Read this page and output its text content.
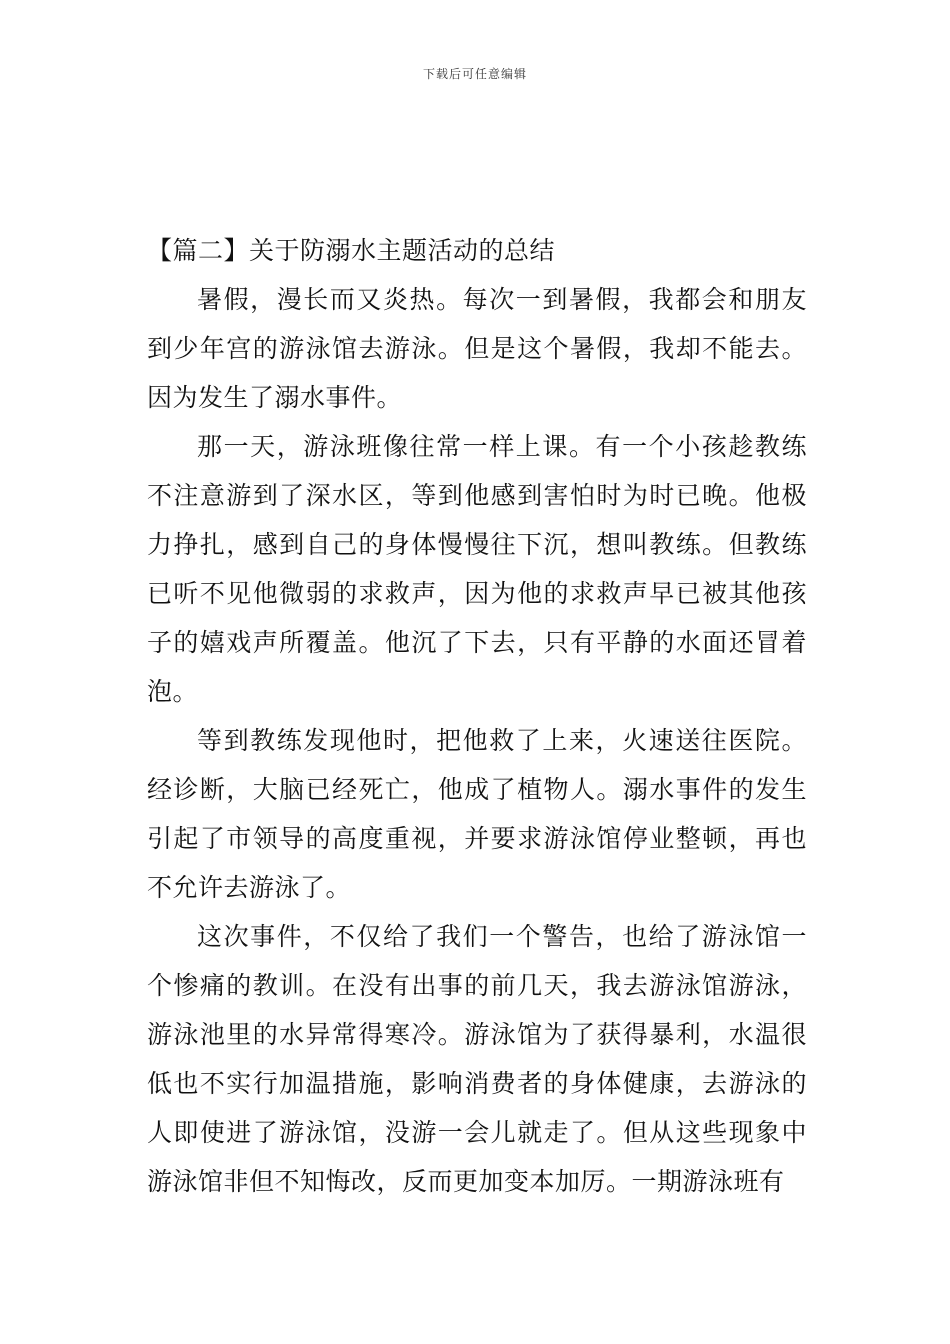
下载后可任意编辑
【篇二】关于防溺水主题活动的总结

暑假，漫长而又炎热。每次一到暑假，我都会和朋友到少年宫的游泳馆去游泳。但是这个暑假，我却不能去。因为发生了溺水事件。

那一天，游泳班像往常一样上课。有一个小孩趁教练不注意游到了深水区，等到他感到害怕时为时已晚。他极力挣扎，感到自己的身体慢慢往下沉，想叫教练。但教练已听不见他微弱的求救声，因为他的求救声早已被其他孩子的嬉戏声所覆盖。他沉了下去，只有平静的水面还冒着泡。

等到教练发现他时，把他救了上来，火速送往医院。经诊断，大脑已经死亡，他成了植物人。溺水事件的发生引起了市领导的高度重视，并要求游泳馆停业整顿，再也不允许去游泳了。

这次事件，不仅给了我们一个警告，也给了游泳馆一个惨痛的教训。在没有出事的前几天，我去游泳馆游泳，游泳池里的水异常得寒冷。游泳馆为了获得暴利，水温很低也不实行加温措施，影响消费者的身体健康，去游泳的人即使进了游泳馆，没游一会儿就走了。但从这些现象中游泳馆非但不知悔改，反而更加变本加厉。一期游泳班有
